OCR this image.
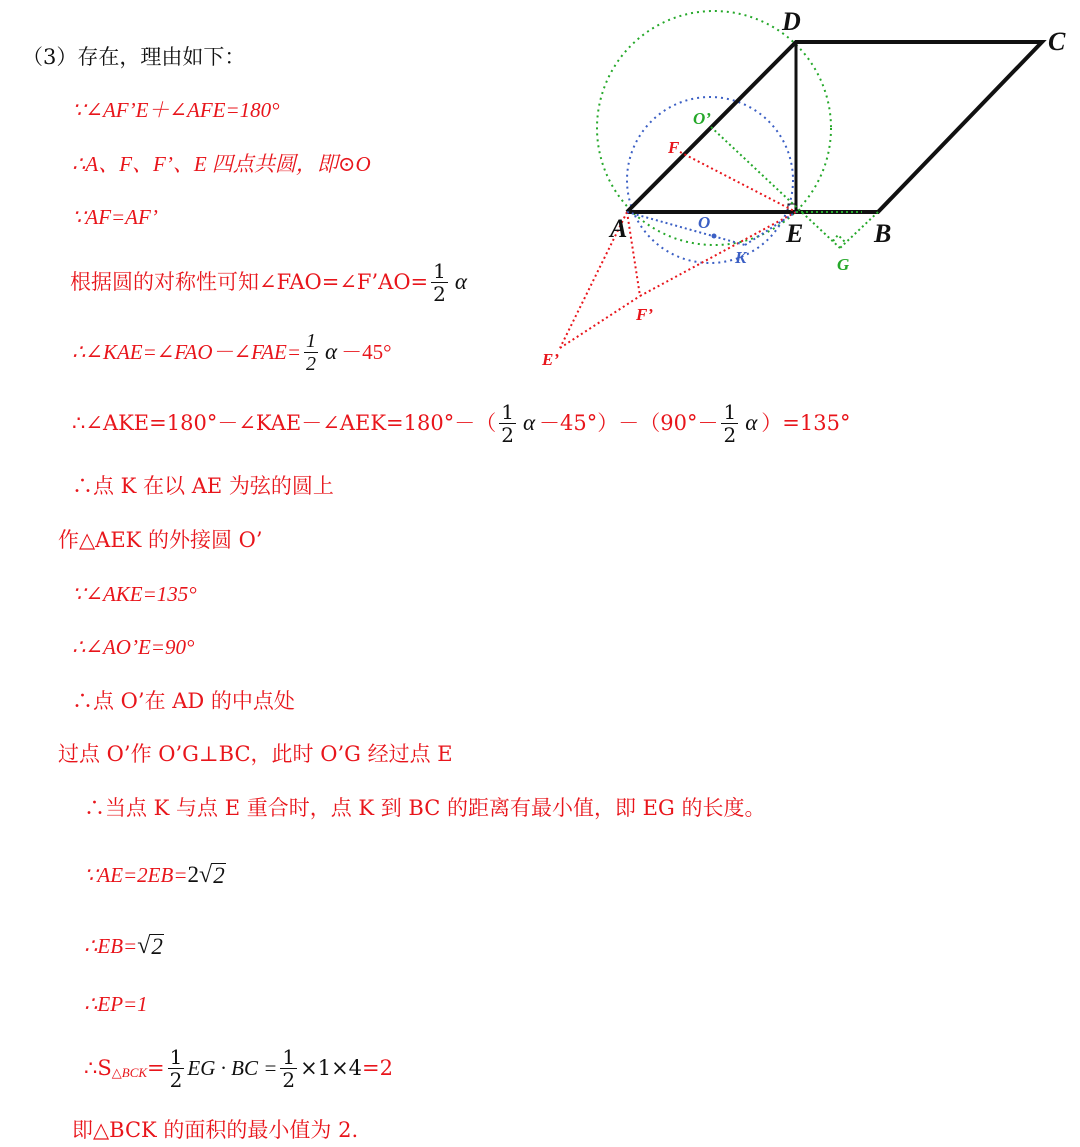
（3）存在，理由如下：
∵∠AF’E＋∠AFE=180°
∴A、F、F’、E 四点共圆，即⊙O
∵AF=AF’
根据圆的对称性可知∠FAO=∠F’AO= $\frac{1}{2}$ α
∴∠KAE=∠FAO－∠FAE= $\frac{1}{2}$ α －45°
∴∠AKE=180°－∠KAE－∠AEK=180°－（ $\frac{1}{2}$ $\alpha -45^\circ)-(90^\circ- \frac{1}{2}$ α ）=135°
∴点 K 在以 AE 为弦的圆上
作△AEK 的外接圆 O’
∵∠AKE=135°
∴∠AO’E=90°
∴点 O’在 AD 的中点处
过点 O’作 O’G⊥BC，此时 O’G 经过点 E
∴当点 K 与点 E 重合时，点 K 到 BC 的距离有最小值，即 EG 的长度。
∵AE=2EB= 2 √ 2
∴EB= √ 2
∴EP=1
∴S △BCK = $\frac{1}{2}$ EG · BC = $\frac{1}{2} \times 1\times 4 =2$
即△BCK 的面积的最小值为 2.
A	B
C
D
E
F
F’
E’
O
O’
K	G
